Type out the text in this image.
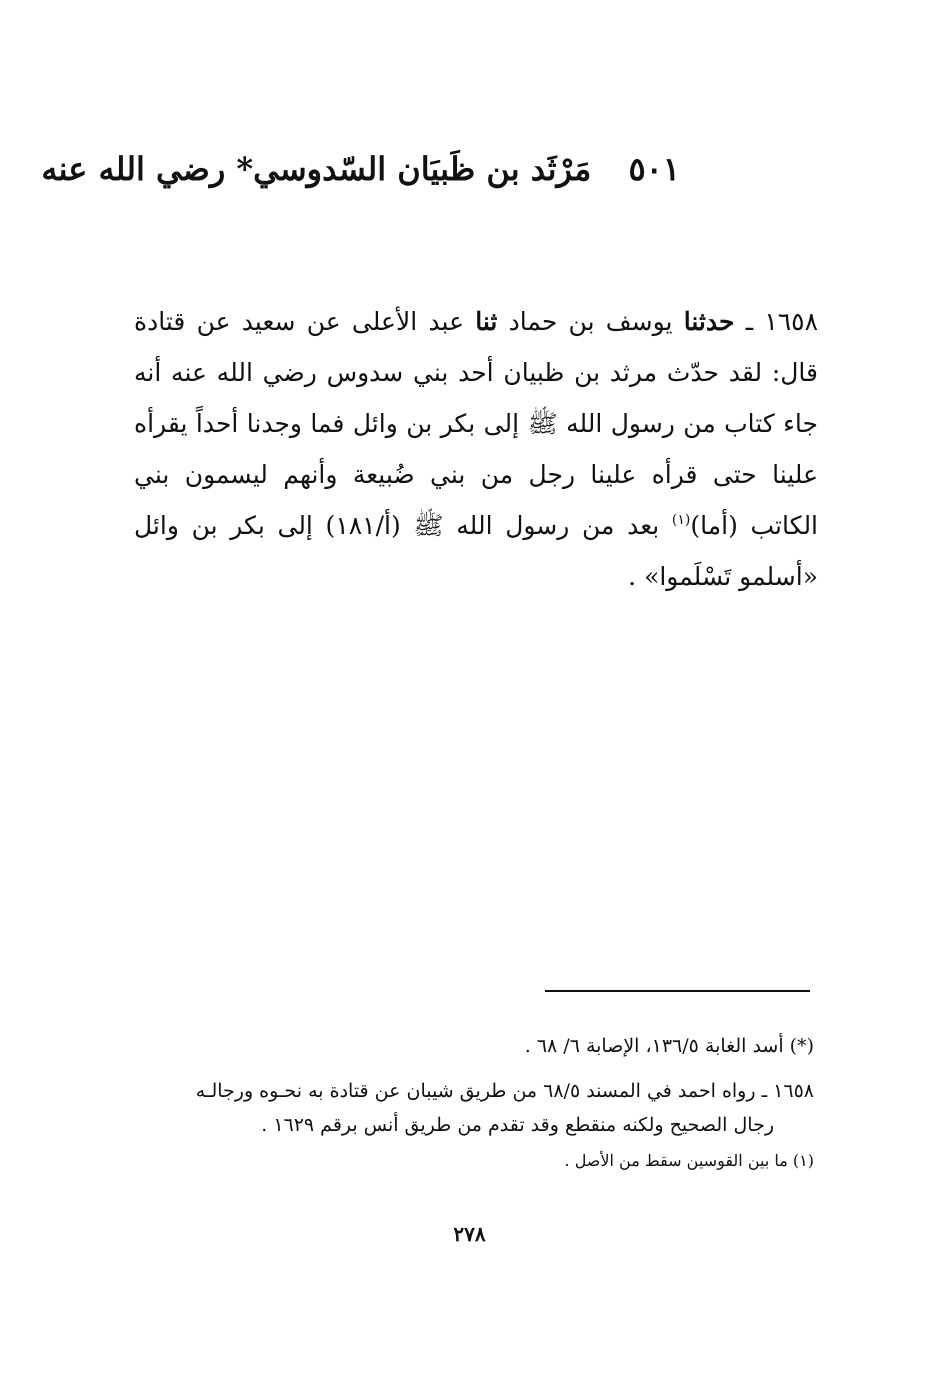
٥٠١ مَرْثَد بن ظَبيَان السّدوسي* رضي الله عنه
١٦٥٨ ـ حدثنا يوسف بن حماد ثنا عبد الأعلى عن سعيد عن قتادة قال: لقد حدّث مرثد بن ظبيان أحد بني سدوس رضي الله عنه أنه جاء كتاب من رسول الله ﷺ إلى بكر بن وائل فما وجدنا أحداً يقرأه علينا حتى قرأه علينا رجل من بني ضُبيعة وأنهم ليسمون بني الكاتب (أما)$^{(١)}$ بعد من رسول الله ﷺ (أ/١٨١) إلى بكر بن وائل «أسلمو تَسْلَموا» .

(*) أسد الغابة ١٣٦/٥، الإصابة ٦/ ٦٨ .

١٦٥٨ ـ رواه احمد في المسند ٦٨/٥ من طريق شيبان عن قتادة به نحـوه ورجالـه
رجال الصحيح ولكنه منقطع وقد تقدم من طريق أنس برقم ١٦٢٩ .

(١) ما بين القوسين سقط من الأصل .

٢٧٨
